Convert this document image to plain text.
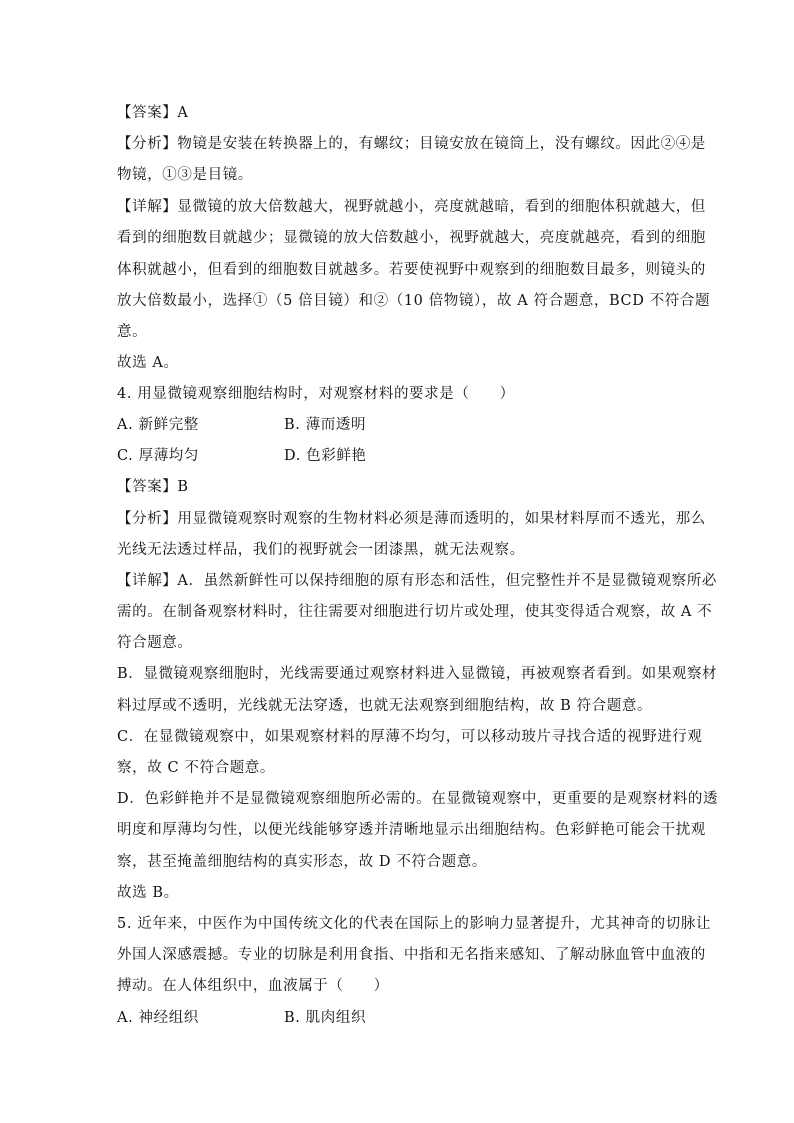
【答案】A
【分析】物镜是安装在转换器上的，有螺纹；目镜安放在镜筒上，没有螺纹。因此②④是
物镜，①③是目镜。
【详解】显微镜的放大倍数越大，视野就越小，亮度就越暗，看到的细胞体积就越大，但
看到的细胞数目就越少；显微镜的放大倍数越小，视野就越大，亮度就越亮，看到的细胞
体积就越小，但看到的细胞数目就越多。若要使视野中观察到的细胞数目最多，则镜头的
放大倍数最小，选择①（5 倍目镜）和②（10 倍物镜），故 A 符合题意，BCD 不符合题
意。
故选 A。
4. 用显微镜观察细胞结构时，对观察材料的要求是（　　）
A. 新鲜完整	B. 薄而透明
C. 厚薄均匀	D. 色彩鲜艳
【答案】B
【分析】用显微镜观察时观察的生物材料必须是薄而透明的，如果材料厚而不透光，那么
光线无法透过样品，我们的视野就会一团漆黑，就无法观察。
【详解】A．虽然新鲜性可以保持细胞的原有形态和活性，但完整性并不是显微镜观察所必
需的。在制备观察材料时，往往需要对细胞进行切片或处理，使其变得适合观察，故 A 不
符合题意。
B．显微镜观察细胞时，光线需要通过观察材料进入显微镜，再被观察者看到。如果观察材
料过厚或不透明，光线就无法穿透，也就无法观察到细胞结构，故 B 符合题意。
C．在显微镜观察中，如果观察材料的厚薄不均匀，可以移动玻片寻找合适的视野进行观
察，故 C 不符合题意。
D．色彩鲜艳并不是显微镜观察细胞所必需的。在显微镜观察中，更重要的是观察材料的透
明度和厚薄均匀性，以便光线能够穿透并清晰地显示出细胞结构。色彩鲜艳可能会干扰观
察，甚至掩盖细胞结构的真实形态，故 D 不符合题意。
故选 B。
5. 近年来，中医作为中国传统文化的代表在国际上的影响力显著提升，尤其神奇的切脉让
外国人深感震撼。专业的切脉是利用食指、中指和无名指来感知、了解动脉血管中血液的
搏动。在人体组织中，血液属于（　　）
A. 神经组织	B. 肌肉组织
